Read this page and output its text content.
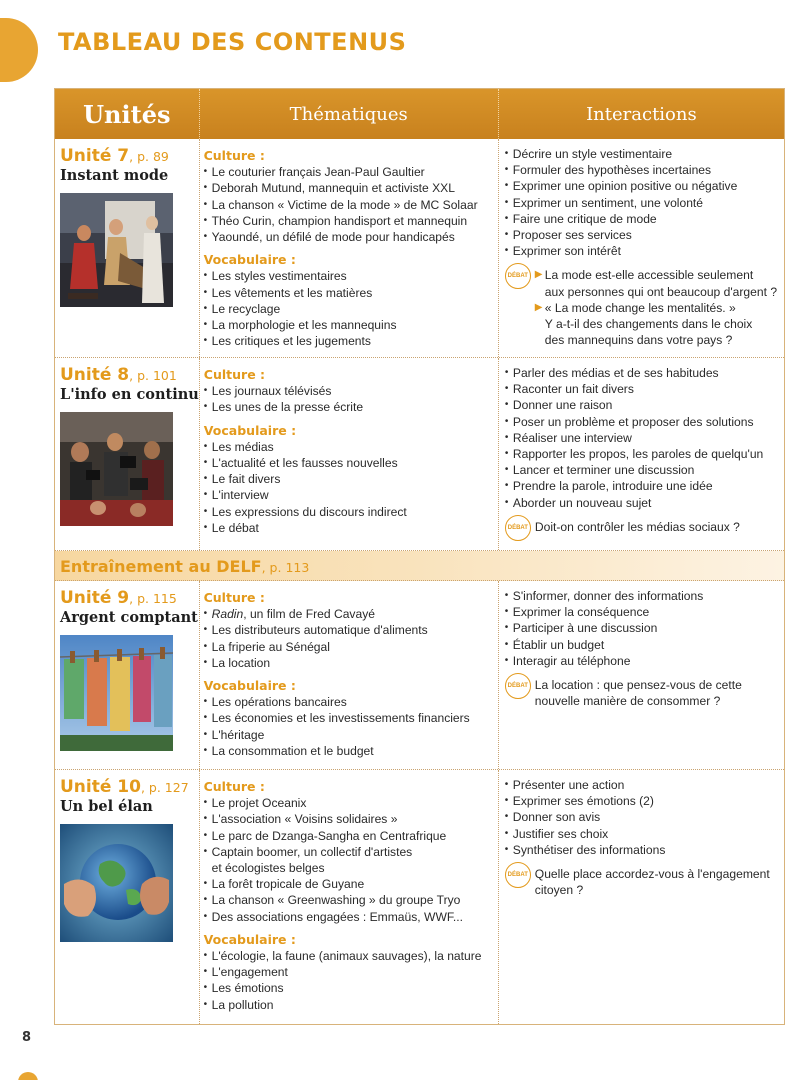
TABLEAU DES CONTENUS
Unités	Thématiques	Interactions
Unité 7, p. 89
Instant mode
Culture :
• Le couturier français Jean-Paul Gaultier
• Deborah Mutund, mannequin et activiste XXL
• La chanson « Victime de la mode » de MC Solaar
• Théo Curin, champion handisport et mannequin
• Yaoundé, un défilé de mode pour handicapés
Vocabulaire :
• Les styles vestimentaires
• Les vêtements et les matières
• Le recyclage
• La morphologie et les mannequins
• Les critiques et les jugements
• Décrire un style vestimentaire
• Formuler des hypothèses incertaines
• Exprimer une opinion positive ou négative
• Exprimer un sentiment, une volonté
• Faire une critique de mode
• Proposer ses services
• Exprimer son intérêt
DÉBAT ▶ La mode est-elle accessible seulement
aux personnes qui ont beaucoup d'argent ?
▶ « La mode change les mentalités. »
Y a-t-il des changements dans le choix
des mannequins dans votre pays ?
Unité 8, p. 101
L'info en continu
Culture :
• Les journaux télévisés
• Les unes de la presse écrite
Vocabulaire :
• Les médias
• L'actualité et les fausses nouvelles
• Le fait divers
• L'interview
• Les expressions du discours indirect
• Le débat
• Parler des médias et de ses habitudes
• Raconter un fait divers
• Donner une raison
• Poser un problème et proposer des solutions
• Réaliser une interview
• Rapporter les propos, les paroles de quelqu'un
• Lancer et terminer une discussion
• Prendre la parole, introduire une idée
• Aborder un nouveau sujet
DÉBAT Doit-on contrôler les médias sociaux ?
Entraînement au DELF, p. 113
Unité 9, p. 115
Argent comptant
Culture :
• Radin, un film de Fred Cavayé
• Les distributeurs automatique d'aliments
• La friperie au Sénégal
• La location
Vocabulaire :
• Les opérations bancaires
• Les économies et les investissements financiers
• L'héritage
• La consommation et le budget
• S'informer, donner des informations
• Exprimer la conséquence
• Participer à une discussion
• Établir un budget
• Interagir au téléphone
DÉBAT La location : que pensez-vous de cette
nouvelle manière de consommer ?
Unité 10, p. 127
Un bel élan
Culture :
• Le projet Oceanix
• L'association « Voisins solidaires »
• Le parc de Dzanga-Sangha en Centrafrique
• Captain boomer, un collectif d'artistes
et écologistes belges
• La forêt tropicale de Guyane
• La chanson « Greenwashing » du groupe Tryo
• Des associations engagées : Emmaüs, WWF...
Vocabulaire :
• L'écologie, la faune (animaux sauvages), la nature
• L'engagement
• Les émotions
• La pollution
• Présenter une action
• Exprimer ses émotions (2)
• Donner son avis
• Justifier ses choix
• Synthétiser des informations
DÉBAT Quelle place accordez-vous à l'engagement
citoyen ?
8
